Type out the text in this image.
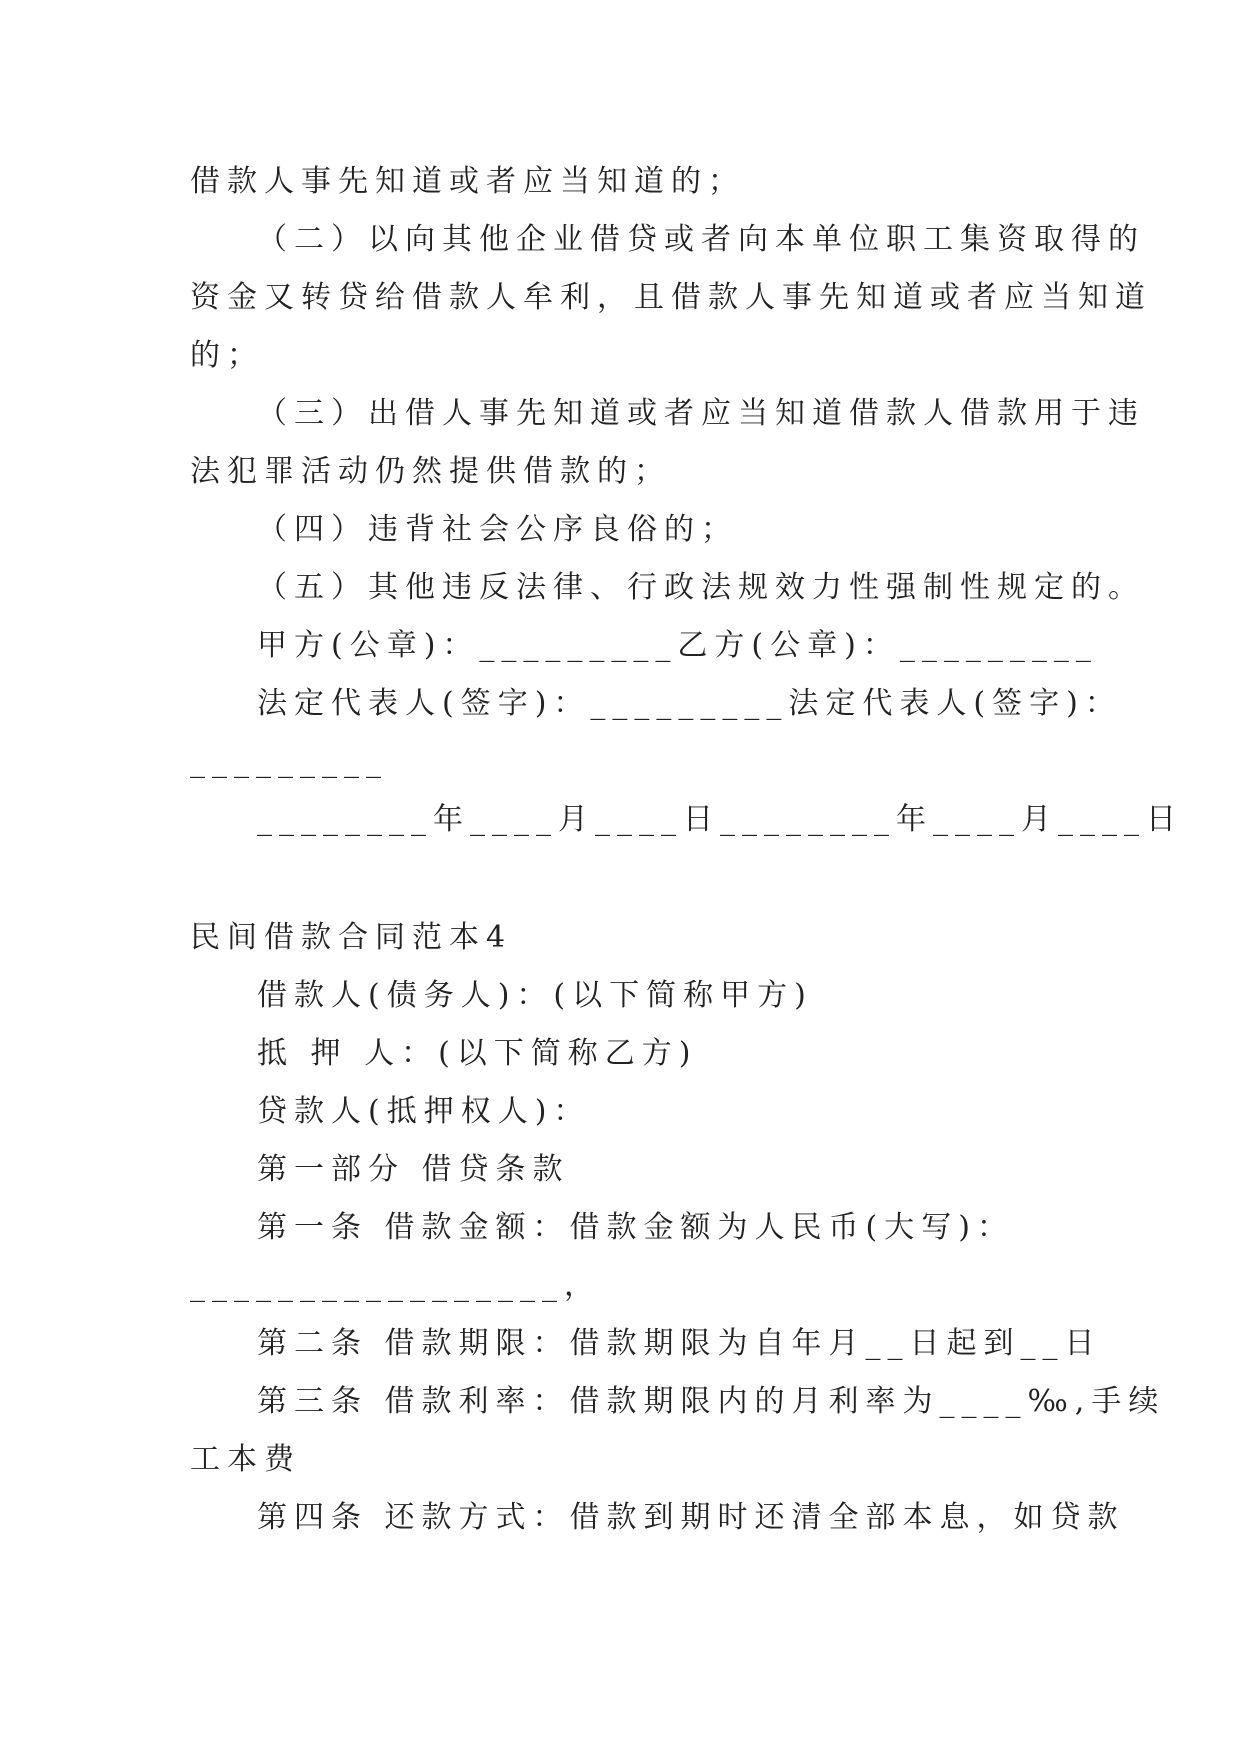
借款人事先知道或者应当知道的；
（二）以向其他企业借贷或者向本单位职工集资取得的
资金又转贷给借款人牟利，且借款人事先知道或者应当知道
的；
（三）出借人事先知道或者应当知道借款人借款用于违
法犯罪活动仍然提供借款的；
（四）违背社会公序良俗的；
（五）其他违反法律、行政法规效力性强制性规定的。
甲方(公章)：_________乙方(公章)：_________
法定代表人(签字)：_________法定代表人(签字)：
_________
________年____月____日________年____月____日
民间借款合同范本4
借款人(债务人)：(以下简称甲方)
抵 押 人：(以下简称乙方)
贷款人(抵押权人)：
第一部分 借贷条款
第一条 借款金额：借款金额为人民币(大写)：
_________________，
第二条 借款期限：借款期限为自年月__日起到__日
第三条 借款利率：借款期限内的月利率为____‰,手续
工本费
第四条 还款方式：借款到期时还清全部本息，如贷款
